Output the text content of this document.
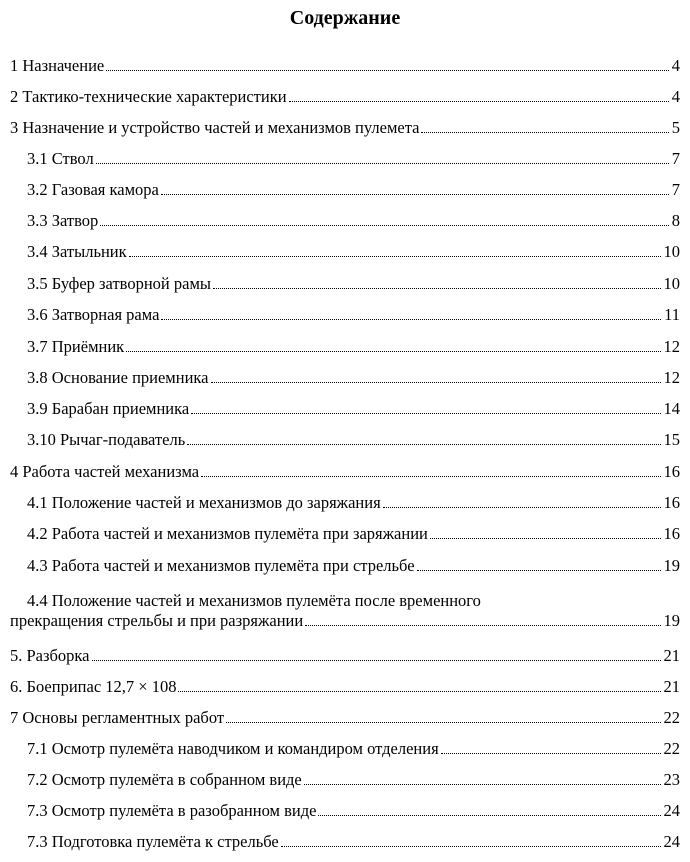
Содержание
1 Назначение	4
2 Тактико-технические характеристики	4
3 Назначение и устройство частей и механизмов пулемета	5
3.1 Ствол	7
3.2 Газовая камора	7
3.3 Затвор	8
3.4 Затыльник	10
3.5 Буфер затворной рамы	10
3.6 Затворная рама	11
3.7 Приёмник	12
3.8 Основание приемника	12
3.9 Барабан приемника	14
3.10 Рычаг-подаватель	15
4 Работа частей механизма	16
4.1 Положение частей и механизмов до заряжания	16
4.2 Работа частей и механизмов пулемёта при заряжании	16
4.3 Работа частей и механизмов пулемёта при стрельбе	19
4.4 Положение частей и механизмов пулемёта после временного
прекращения стрельбы и при разряжании	19
5. Разборка	21
6. Боеприпас 12,7 × 108	21
7 Основы регламентных работ	22
7.1 Осмотр пулемёта наводчиком и командиром отделения	22
7.2 Осмотр пулемёта в собранном виде	23
7.3 Осмотр пулемёта в разобранном виде	24
7.3 Подготовка пулемёта к стрельбе	24
